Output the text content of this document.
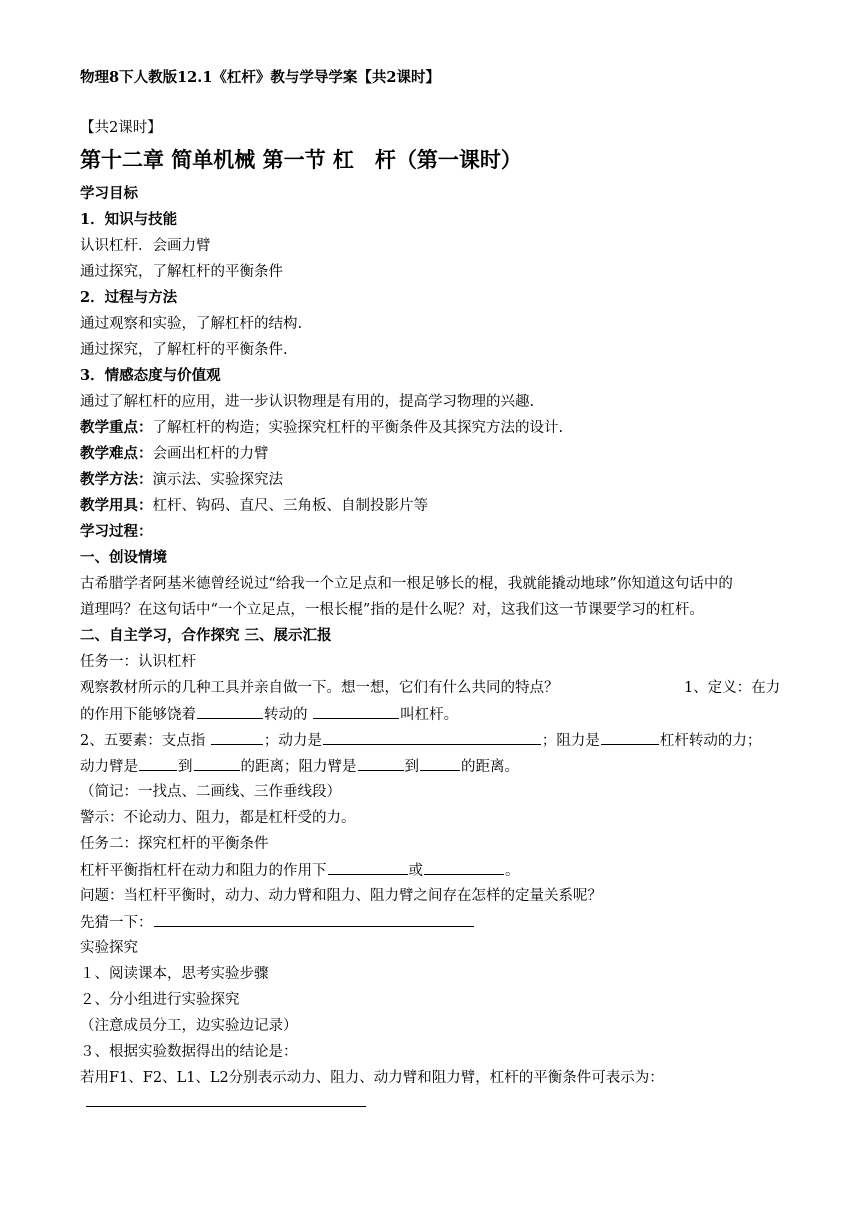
物理8下人教版12.1《杠杆》教与学导学案【共2课时】
【共2课时】
第十二章 简单机械 第一节 杠　杆（第一课时）
学习目标
1．知识与技能
认识杠杆．会画力臂
通过探究，了解杠杆的平衡条件
2．过程与方法
通过观察和实验，了解杠杆的结构.
通过探究，了解杠杆的平衡条件.
3．情感态度与价值观
通过了解杠杆的应用，进一步认识物理是有用的，提高学习物理的兴趣.
教学重点：了解杠杆的构造；实验探究杠杆的平衡条件及其探究方法的设计.
教学难点：会画出杠杆的力臂
教学方法：演示法、实验探究法
教学用具：杠杆、钩码、直尺、三角板、自制投影片等
学习过程：
一、创设情境
古希腊学者阿基米德曾经说过“给我一个立足点和一根足够长的棍，我就能撬动地球”你知道这句话中的
道理吗？在这句话中“一个立足点，一根长棍”指的是什么呢？对，这我们这一节课要学习的杠杆。
二、自主学习，合作探究 三、展示汇报
任务一：认识杠杆
观察教材所示的几种工具并亲自做一下。想一想，它们有什么共同的特点？	1、定义：在力
的作用下能够饶着	转动的	叫杠杆。
2、五要素：支点指	；动力是	；阻力是	杠杆转动的力；
动力臂是	到	的距离；阻力臂是	到	的距离。
（简记：一找点、二画线、三作垂线段）
警示：不论动力、阻力，都是杠杆受的力。
任务二：探究杠杆的平衡条件
杠杆平衡指杠杆在动力和阻力的作用下	或	。
问题：当杠杆平衡时，动力、动力臂和阻力、阻力臂之间存在怎样的定量关系呢？
先猜一下：
实验探究
１、阅读课本，思考实验步骤
２、分小组进行实验探究
（注意成员分工，边实验边记录）
３、根据实验数据得出的结论是：
若用F1、F2、L1、L2分别表示动力、阻力、动力臂和阻力臂，杠杆的平衡条件可表示为：
